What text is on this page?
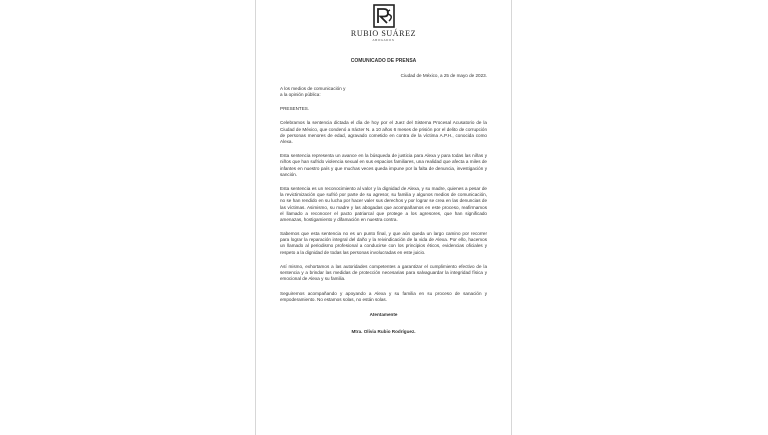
RUBIO SUÁREZ
ABOGADOS
COMUNICADO DE PRENSA
Ciudad de México, a 25 de mayo de 2023.
A los medios de comunicación y
a la opinión pública:
PRESENTES.

Celebramos la sentencia dictada el día de hoy por el Juez del Sistema Procesal Acusatorio de la Ciudad de México, que condenó a Irácter N. a 10 años 6 meses de prisión por el delito de corrupción de personas menores de edad, agravado cometido en contra de la víctima A.P.H., conocida como Alexa.

Esta sentencia representa un avance en la búsqueda de justicia para Alexa y para todas las niñas y niños que han sufrido violencia sexual en sus espacios familiares, una realidad que afecta a miles de infantes en nuestro país y que muchas veces queda impune por la falta de denuncia, investigación y sanción.

Esta sentencia es un reconocimiento al valor y la dignidad de Alexa, y su madre, quienes a pesar de la revictimización que sufrió por parte de su agresor, su familia y algunos medios de comunicación, no se han rendido en su lucha por hacer valer sus derechos y por lograr se crea en las denuncias de las víctimas. Asimismo, su madre y las abogadas que acompañamos en este proceso, reafirmamos el llamado a reconocer el pacto patriarcal que protege a los agresores, que han significado amenazas, hostigamiento y difamación en nuestra contra.

Sabemos que esta sentencia no es un punto final, y que aún queda un largo camino por recorrer para lograr la reparación integral del daño y la reivindicación de la vida de Alexa. Por ello, hacemos un llamado al periodismo profesional a conducirse con los principios éticos, evidencias oficiales y respeto a la dignidad de todas las personas involucradas en este juicio.

Así mismo, exhortamos a las autoridades competentes a garantizar el cumplimiento efectivo de la sentencia y a brindar las medidas de protección necesarias para salvaguardar la integridad física y emocional de Alexa y su familia.

Seguiremos acompañando y apoyando a Alexa y su familia en su proceso de sanación y empoderamiento. No estamos solas, no están solas.

Atentamente
Mtra. Olivia Rubio Rodríguez.
